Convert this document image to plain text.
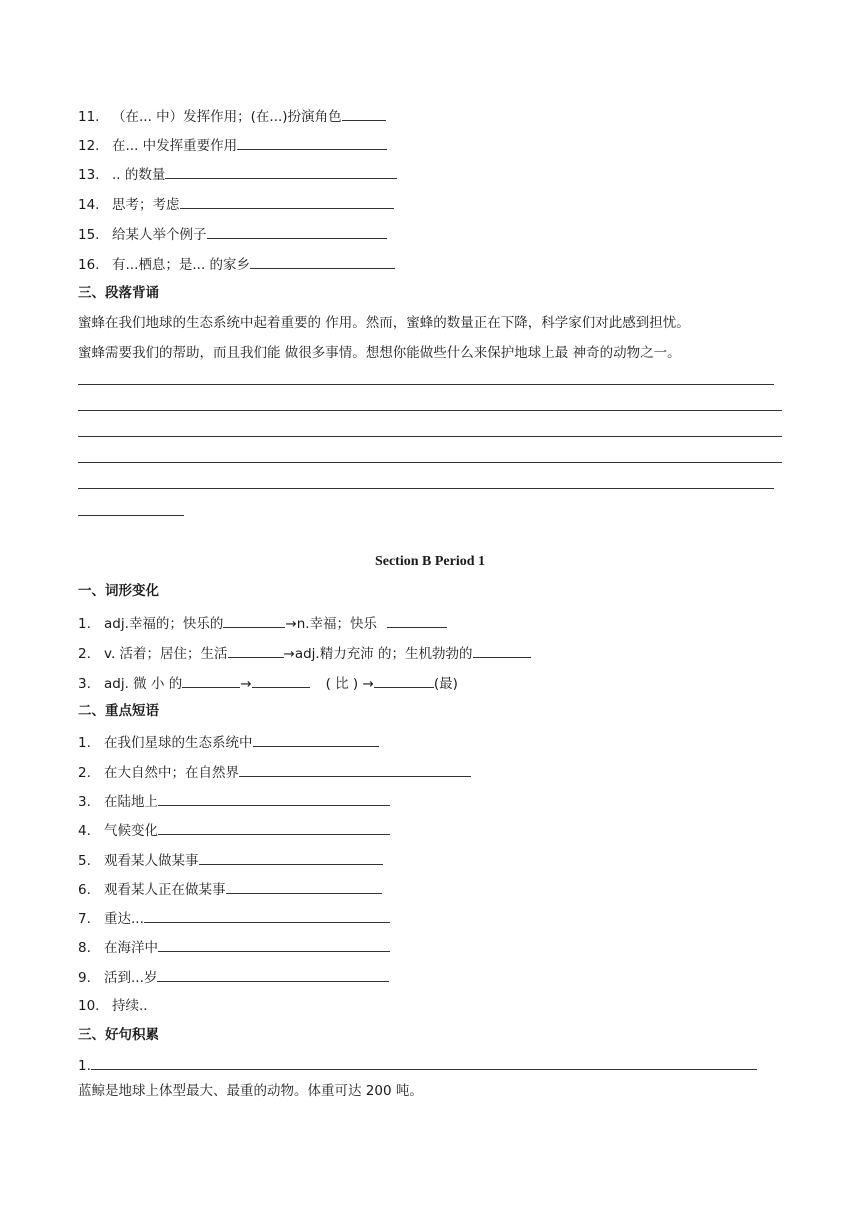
11. （在... 中）发挥作用；(在...)扮演角色
12. 在... 中发挥重要作用
13. .. 的数量
14. 思考；考虑
15. 给某人举个例子
16. 有...栖息；是... 的家乡
三、段落背诵
蜜蜂在我们地球的生态系统中起着重要的 作用。然而，蜜蜂的数量正在下降，科学家们对此感到担忧。
蜜蜂需要我们的帮助，而且我们能 做很多事情。想想你能做些什么来保护地球上最 神奇的动物之一。
Section B Period 1
一、词形变化
1. adj.幸福的；快乐的	→n.幸福；快乐
2. v. 活着；居住；生活	→adj.精力充沛 的；生机勃勃的
3. adj. 微 小 的	→	( 比 ) →	(最)
二、重点短语
1. 在我们星球的生态系统中
2. 在大自然中；在自然界
3. 在陆地上
4. 气候变化
5. 观看某人做某事
6. 观看某人正在做某事
7. 重达...
8. 在海洋中
9. 活到...岁
10. 持续..
三、好句积累
1.
蓝鲸是地球上体型最大、最重的动物。体重可达 200 吨。
